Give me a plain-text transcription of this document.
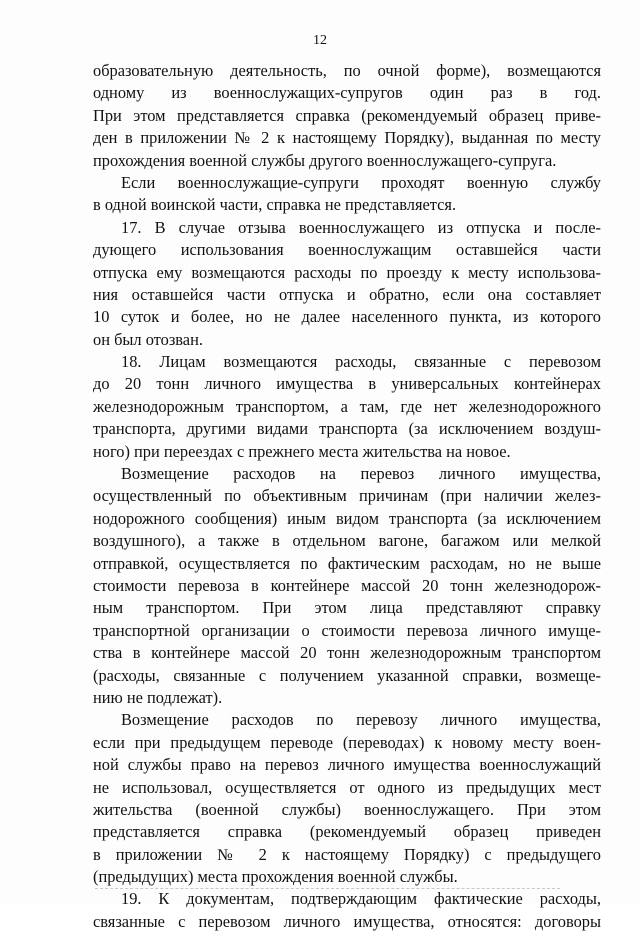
12
образовательную деятельность, по очной форме), возмещаются
одному из военнослужащих-супругов один раз в год.
При этом представляется справка (рекомендуемый образец приве-
ден в приложении № 2 к настоящему Порядку), выданная по месту
прохождения военной службы другого военнослужащего-супруга.
Если военнослужащие-супруги проходят военную службу
в одной воинской части, справка не представляется.
17. В случае отзыва военнослужащего из отпуска и после-
дующего использования военнослужащим оставшейся части
отпуска ему возмещаются расходы по проезду к месту использова-
ния оставшейся части отпуска и обратно, если она составляет
10 суток и более, но не далее населенного пункта, из которого
он был отозван.
18. Лицам возмещаются расходы, связанные с перевозом
до 20 тонн личного имущества в универсальных контейнерах
железнодорожным транспортом, а там, где нет железнодорожного
транспорта, другими видами транспорта (за исключением воздуш-
ного) при переездах с прежнего места жительства на новое.
Возмещение расходов на перевоз личного имущества,
осуществленный по объективным причинам (при наличии желез-
нодорожного сообщения) иным видом транспорта (за исключением
воздушного), а также в отдельном вагоне, багажом или мелкой
отправкой, осуществляется по фактическим расходам, но не выше
стоимости перевоза в контейнере массой 20 тонн железнодорож-
ным транспортом. При этом лица представляют справку
транспортной организации о стоимости перевоза личного имуще-
ства в контейнере массой 20 тонн железнодорожным транспортом
(расходы, связанные с получением указанной справки, возмеще-
нию не подлежат).
Возмещение расходов по перевозу личного имущества,
если при предыдущем переводе (переводах) к новому месту воен-
ной службы право на перевоз личного имущества военнослужащий
не использовал, осуществляется от одного из предыдущих мест
жительства (военной службы) военнослужащего. При этом
представляется справка (рекомендуемый образец приведен
в приложении № 2 к настоящему Порядку) с предыдущего
(предыдущих) места прохождения военной службы.
19. К документам, подтверждающим фактические расходы,
связанные с перевозом личного имущества, относятся: договоры
